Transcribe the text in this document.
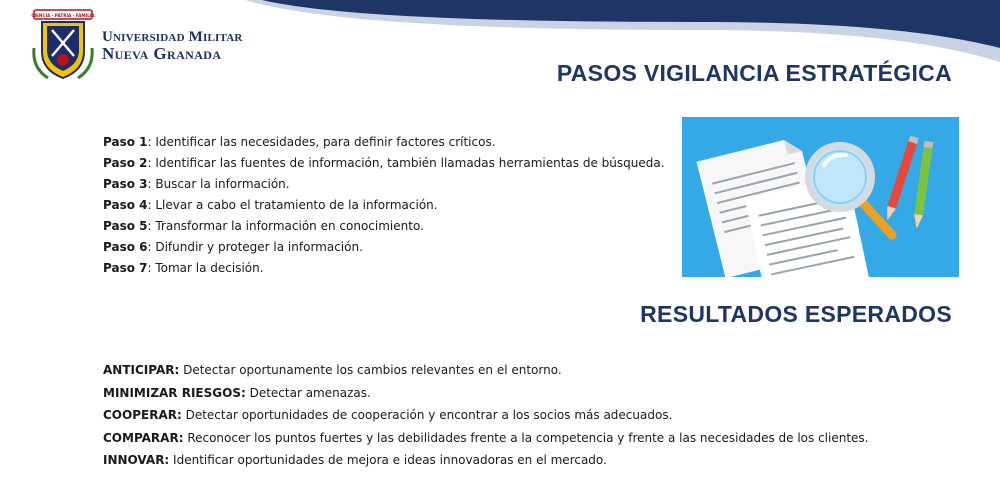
CIENCIA · PATRIA · FAMILIA
Universidad Militar
Nueva Granada
PASOS VIGILANCIA ESTRATÉGICA
Paso 1: Identificar las necesidades, para definir factores críticos.
Paso 2: Identificar las fuentes de información, también llamadas herramientas de búsqueda.
Paso 3: Buscar la información.
Paso 4: Llevar a cabo el tratamiento de la información.
Paso 5: Transformar la información en conocimiento.
Paso 6: Difundir y proteger la información.
Paso 7: Tomar la decisión.
RESULTADOS ESPERADOS
ANTICIPAR: Detectar oportunamente los cambios relevantes en el entorno.
MINIMIZAR RIESGOS: Detectar amenazas.
COOPERAR: Detectar oportunidades de cooperación y encontrar a los socios más adecuados.
COMPARAR: Reconocer los puntos fuertes y las debilidades frente a la competencia y frente a las necesidades de los clientes.
INNOVAR: Identificar oportunidades de mejora e ideas innovadoras en el mercado.
